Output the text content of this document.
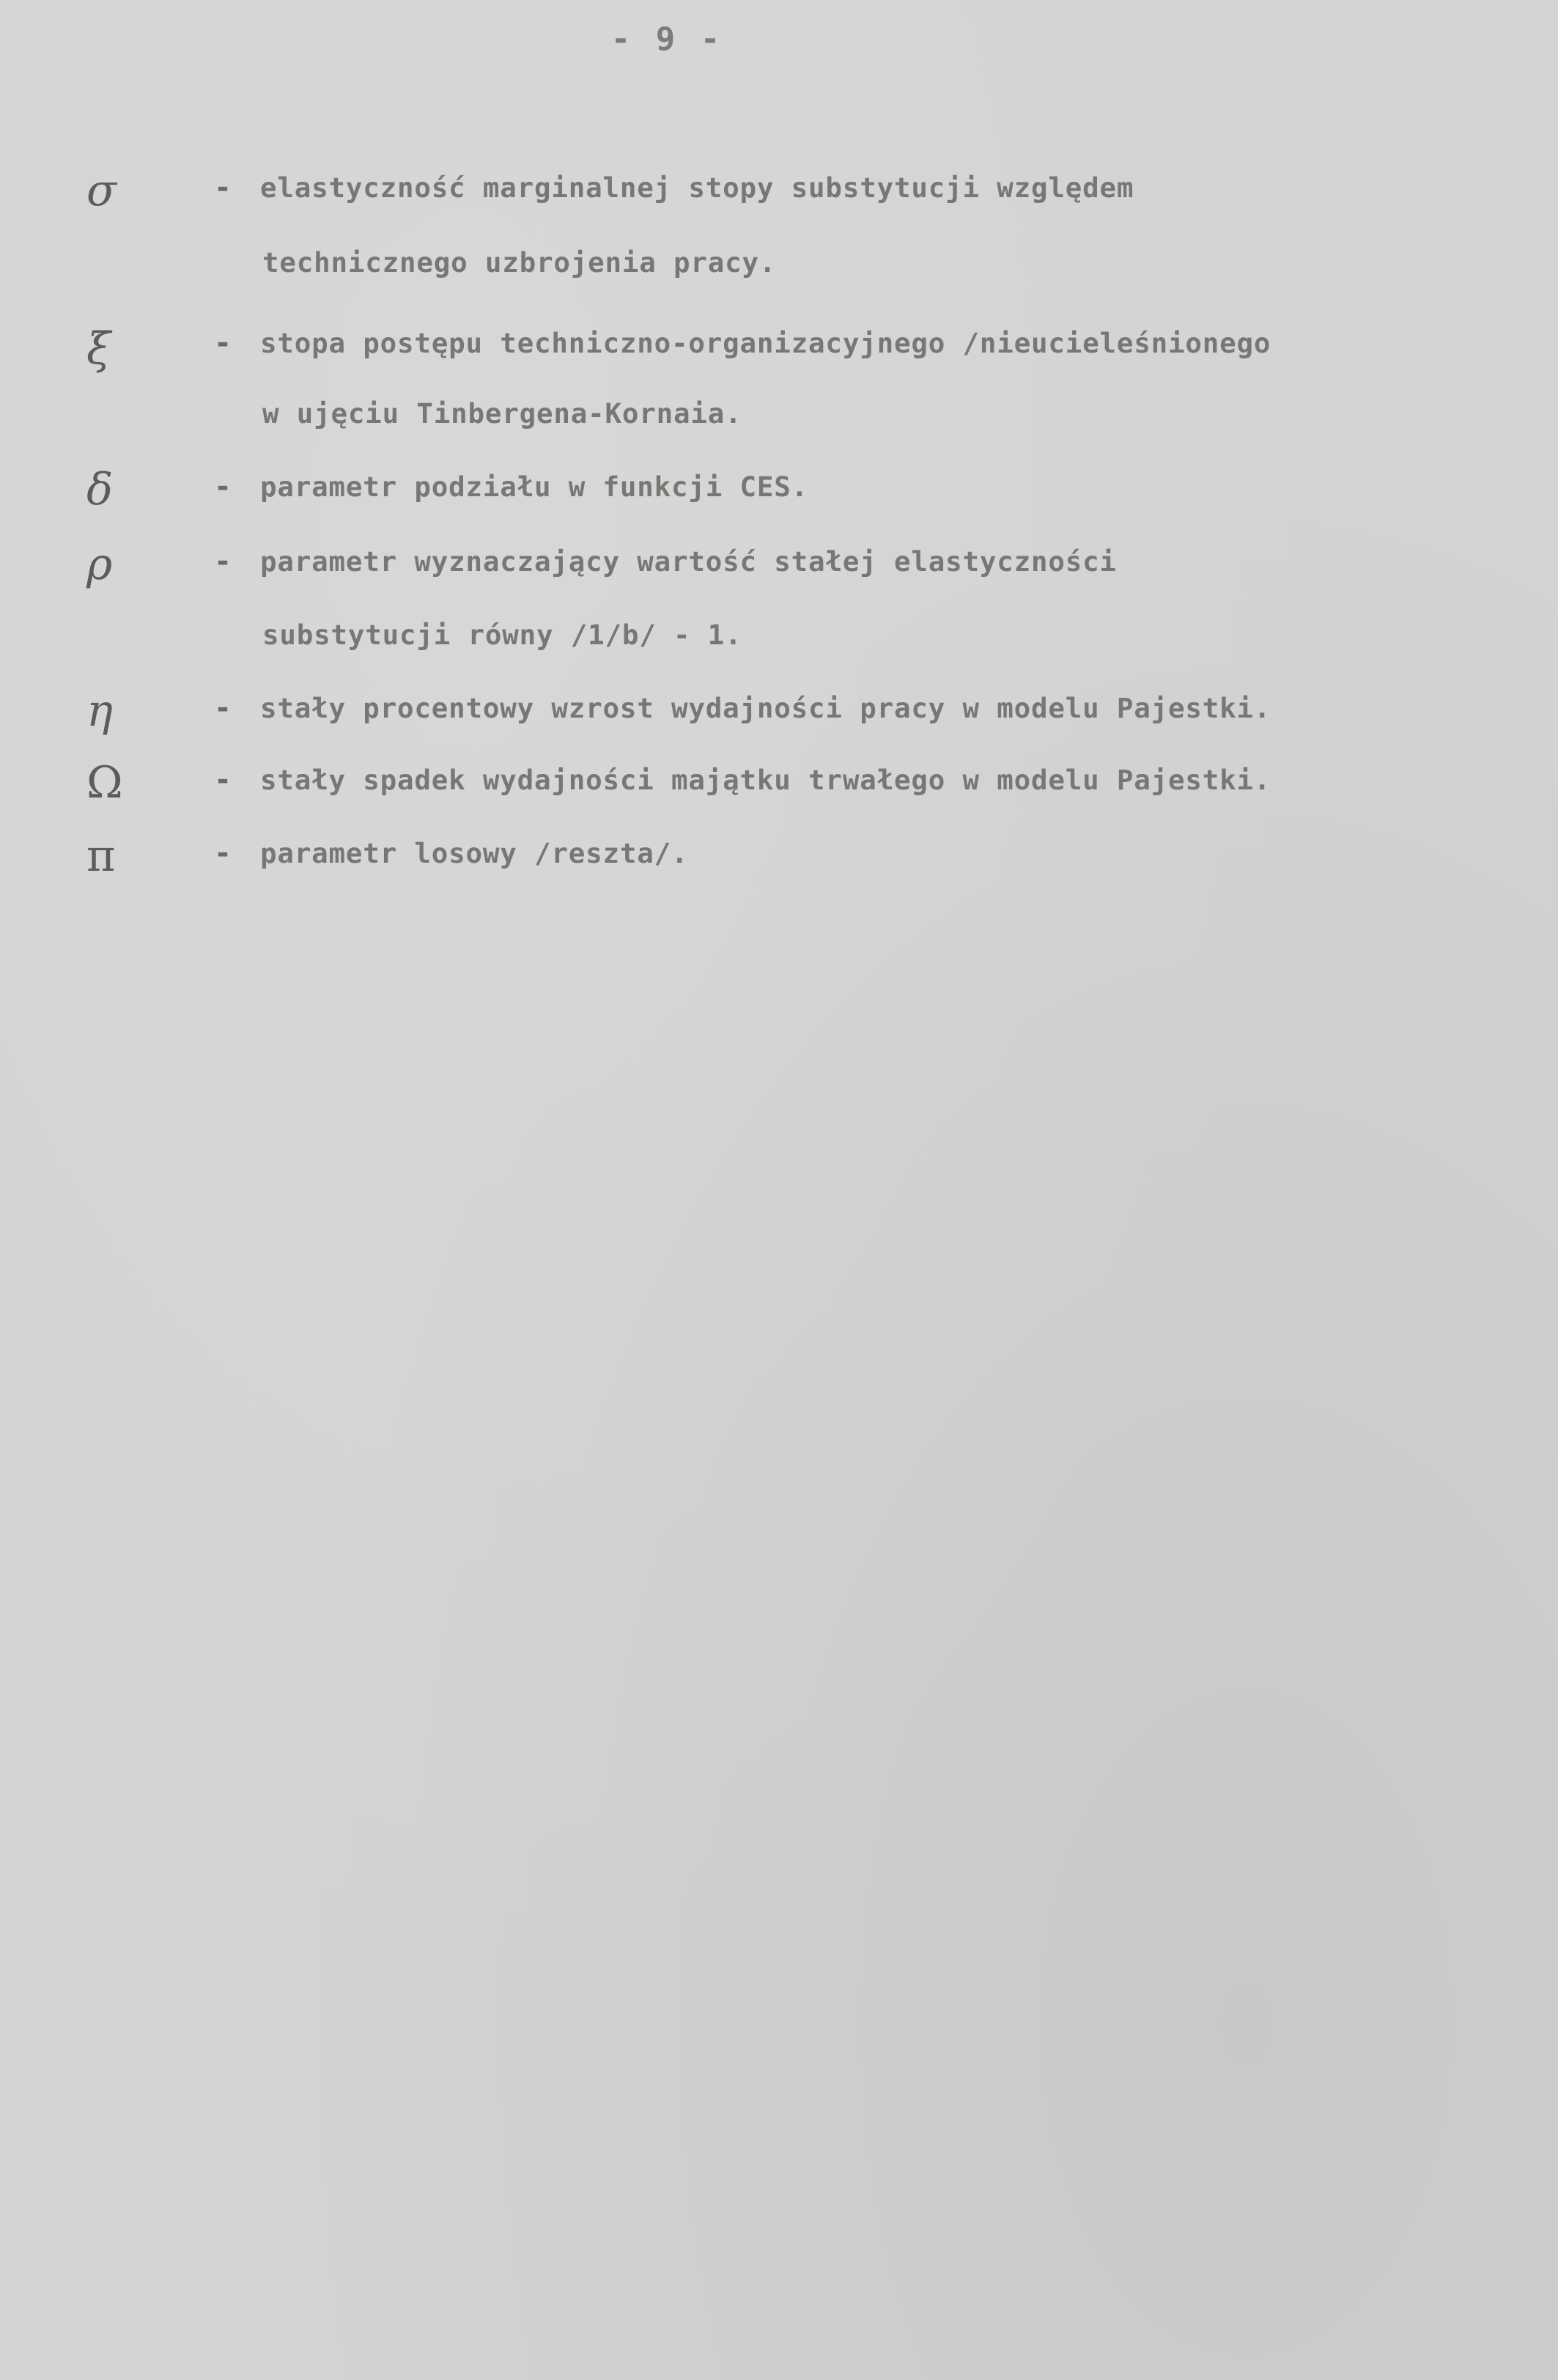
- 9 -
σ	- elastyczność marginalnej stopy substytucji względem
technicznego uzbrojenia pracy.
ξ	- stopa postępu techniczno-organizacyjnego /nieucieleśnionego
w ujęciu Tinbergena-Kornaia.
δ	- parametr podziału w funkcji CES.
ρ	- parametr wyznaczający wartość stałej elastyczności
substytucji równy /1/b/ - 1.
η	- stały procentowy wzrost wydajności pracy w modelu Pajestki.
Ω	- stały spadek wydajności majątku trwałego w modelu Pajestki.
π	- parametr losowy /reszta/.
